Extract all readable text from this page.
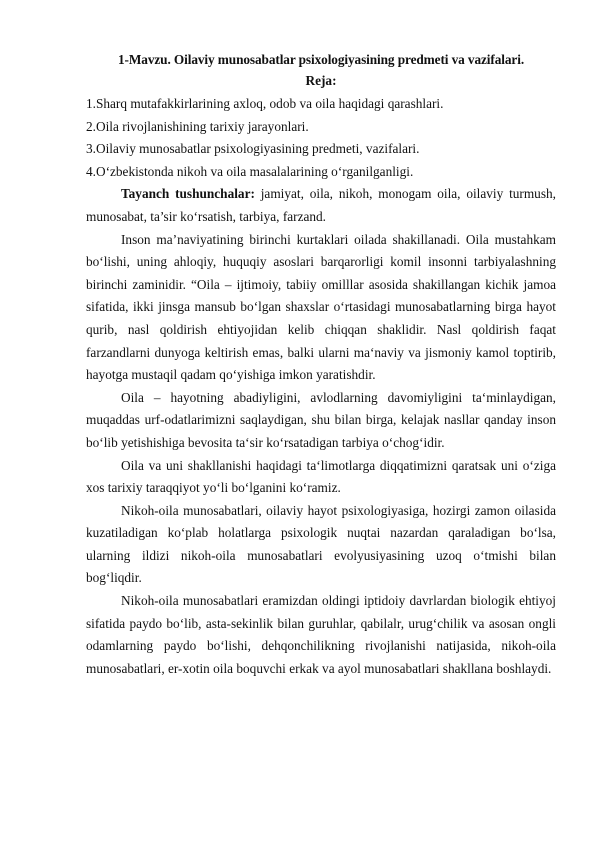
1-Mavzu. Oilaviy munosabatlar psixologiyasining predmeti va vazifalari.

Reja:

1.Sharq mutafakkirlarining axloq, odob va oila haqidagi qarashlari.
2.Oila rivojlanishining tarixiy jarayonlari.
3.Oilaviy munosabatlar psixologiyasining predmeti, vazifalari.
4.O‘zbekistonda nikoh va oila masalalarining o‘rganilganligi.

Tayanch tushunchalar: jamiyat, oila, nikoh, monogam oila, oilaviy turmush, munosabat, ta’sir ko‘rsatish, tarbiya, farzand.

Inson ma’naviyatining birinchi kurtaklari oilada shakillanadi. Oila mustahkam bo‘lishi, uning ahloqiy, huquqiy asoslari barqarorligi komil insonni tarbiyalashning birinchi zaminidir. “Oila – ijtimoiy, tabiiy omilllar asosida shakillangan kichik jamoa sifatida, ikki jinsga mansub bo‘lgan shaxslar o‘rtasidagi munosabatlarning birga hayot qurib, nasl qoldirish ehtiyojidan kelib chiqqan shaklidir. Nasl qoldirish faqat farzandlarni dunyoga keltirish emas, balki ularni ma‘naviy va jismoniy kamol toptirib, hayotga mustaqil qadam qo‘yishiga imkon yaratishdir.

Oila – hayotning abadiyligini, avlodlarning davomiyligini ta‘minlaydigan, muqaddas urf-odatlarimizni saqlaydigan, shu bilan birga, kelajak nasllar qanday inson bo‘lib yetishishiga bevosita ta‘sir ko‘rsatadigan tarbiya o‘chog‘idir.

Oila va uni shakllanishi haqidagi ta‘limotlarga diqqatimizni qaratsak uni o‘ziga xos tarixiy taraqqiyot yo‘li bo‘lganini ko‘ramiz.

Nikoh-oila munosabatlari, oilaviy hayot psixologiyasiga, hozirgi zamon oilasida kuzatiladigan ko‘plab holatlarga psixologik nuqtai nazardan qaraladigan bo‘lsa, ularning ildizi nikoh-oila munosabatlari evolyusiyasining uzoq o‘tmishi bilan bog‘liqdir.

Nikoh-oila munosabatlari eramizdan oldingi iptidoiy davrlardan biologik ehtiyoj sifatida paydo bo‘lib, asta-sekinlik bilan guruhlar, qabilalr, urug‘chilik va asosan ongli odamlarning paydo bo‘lishi, dehqonchilikning rivojlanishi natijasida, nikoh-oila munosabatlari, er-xotin oila boquvchi erkak va ayol munosabatlari shakllana boshlaydi.
